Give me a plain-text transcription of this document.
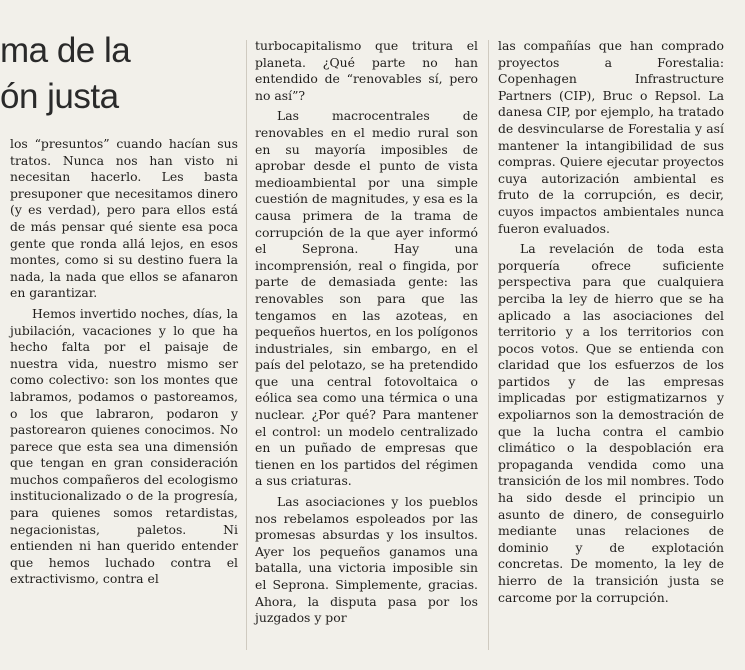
ma de la
ón justa

los “presuntos” cuando hacían sus tratos. Nunca nos han visto ni necesitan hacerlo. Les basta presuponer que necesitamos dinero (y es verdad), pero para ellos está de más pensar qué siente esa poca gente que ronda allá lejos, en esos montes, como si su destino fuera la nada, la nada que ellos se afanaron en garantizar.

Hemos invertido noches, días, la jubilación, vacaciones y lo que ha hecho falta por el paisaje de nuestra vida, nuestro mismo ser como colectivo: son los montes que labramos, podamos o pastoreamos, o los que labraron, podaron y pastorearon quienes conocimos. No parece que esta sea una dimensión que tengan en gran consideración muchos compañeros del ecologismo institucionalizado o de la progresía, para quienes somos retardistas, negacionistas, paletos. Ni entienden ni han querido entender que hemos luchado contra el extractivismo, contra el

turbocapitalismo que tritura el planeta. ¿Qué parte no han entendido de “renovables sí, pero no así”?

Las macrocentrales de renovables en el medio rural son en su mayoría imposibles de aprobar desde el punto de vista medioambiental por una simple cuestión de magnitudes, y esa es la causa primera de la trama de corrupción de la que ayer informó el Seprona. Hay una incomprensión, real o fingida, por parte de demasiada gente: las renovables son para que las tengamos en las azoteas, en pequeños huertos, en los polígonos industriales, sin embargo, en el país del pelotazo, se ha pretendido que una central fotovoltaica o eólica sea como una térmica o una nuclear. ¿Por qué? Para mantener el control: un modelo centralizado en un puñado de empresas que tienen en los partidos del régimen a sus criaturas.

Las asociaciones y los pueblos nos rebelamos espoleados por las promesas absurdas y los insultos. Ayer los pequeños ganamos una batalla, una victoria imposible sin el Seprona. Simplemente, gracias. Ahora, la disputa pasa por los juzgados y por

las compañías que han comprado proyectos a Forestalia: Copenhagen Infrastructure Partners (CIP), Bruc o Repsol. La danesa CIP, por ejemplo, ha tratado de desvincularse de Forestalia y así mantener la intangibilidad de sus compras. Quiere ejecutar proyectos cuya autorización ambiental es fruto de la corrupción, es decir, cuyos impactos ambientales nunca fueron evaluados.

La revelación de toda esta porquería ofrece suficiente perspectiva para que cualquiera perciba la ley de hierro que se ha aplicado a las asociaciones del territorio y a los territorios con pocos votos. Que se entienda con claridad que los esfuerzos de los partidos y de las empresas implicadas por estigmatizarnos y expoliarnos son la demostración de que la lucha contra el cambio climático o la despoblación era propaganda vendida como una transición de los mil nombres. Todo ha sido desde el principio un asunto de dinero, de conseguirlo mediante unas relaciones de dominio y de explotación concretas. De momento, la ley de hierro de la transición justa se carcome por la corrupción.
